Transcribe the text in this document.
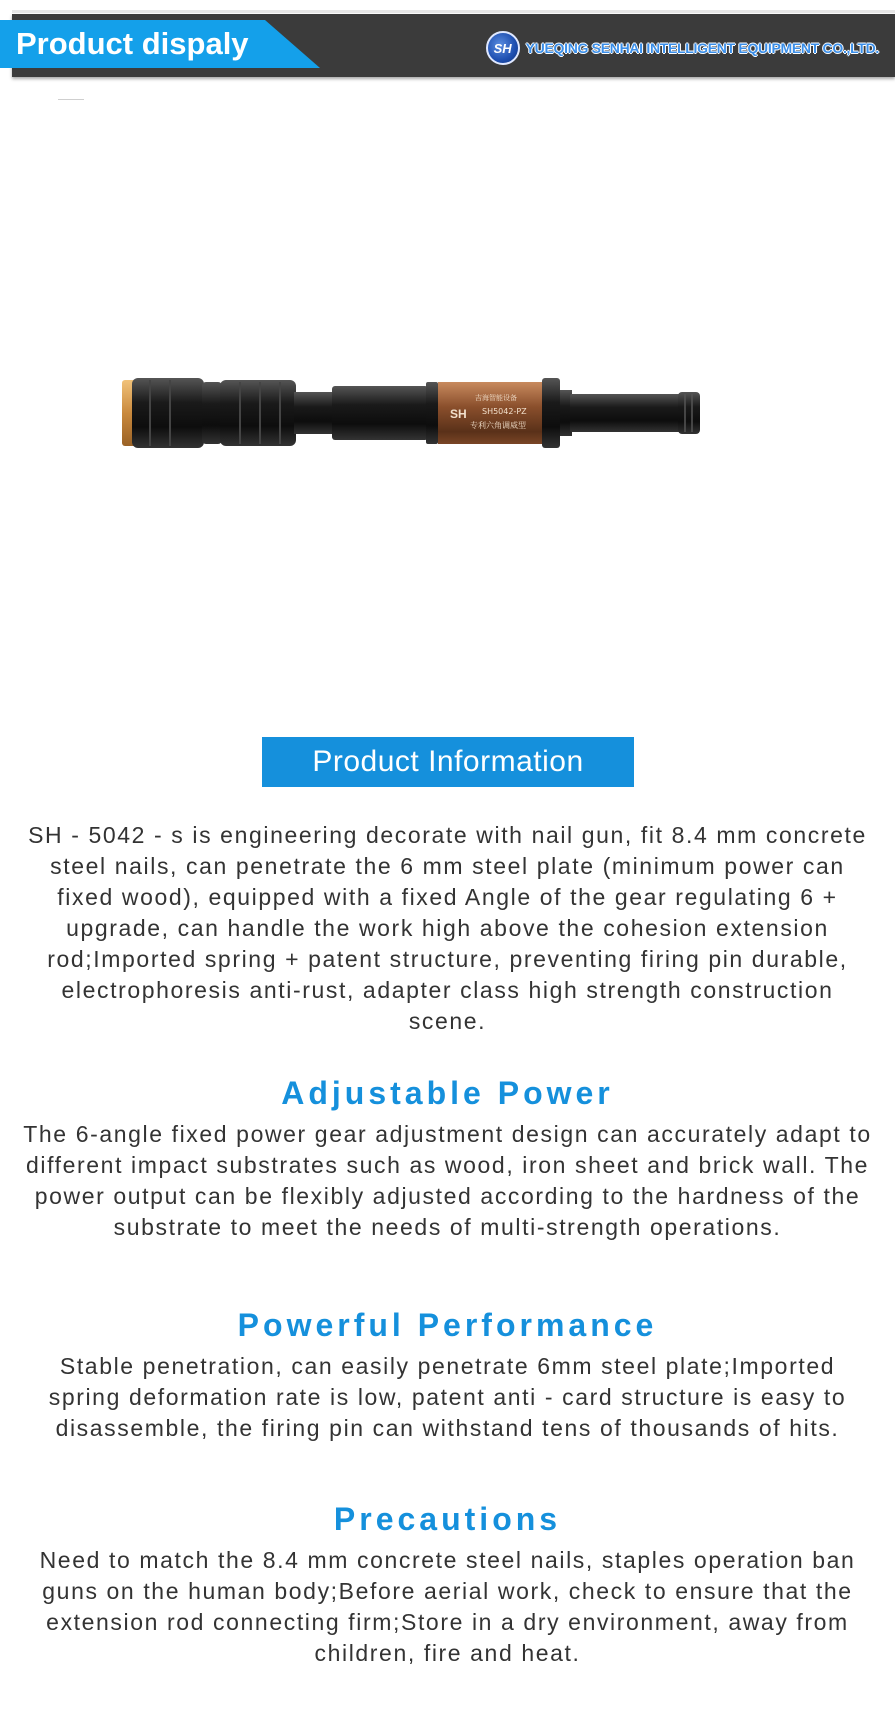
Product dispaly	SH YUEQING SENHAI INTELLIGENT EQUIPMENT CO.,LTD.
吉海智能设备
SH5042-PZ
专利六角调威型
SH
Product Information

SH - 5042 - s is engineering decorate with nail gun, fit 8.4 mm concrete steel nails, can penetrate the 6 mm steel plate (minimum power can fixed wood), equipped with a fixed Angle of the gear regulating 6 + upgrade, can handle the work high above the cohesion extension rod;Imported spring + patent structure, preventing firing pin durable, electrophoresis anti-rust, adapter class high strength construction scene.

Adjustable Power

The 6-angle fixed power gear adjustment design can accurately adapt to different impact substrates such as wood, iron sheet and brick wall. The power output can be flexibly adjusted according to the hardness of the substrate to meet the needs of multi-strength operations.

Powerful Performance

Stable penetration, can easily penetrate 6mm steel plate;Imported spring deformation rate is low, patent anti - card structure is easy to disassemble, the firing pin can withstand tens of thousands of hits.

Precautions

Need to match the 8.4 mm concrete steel nails, staples operation ban guns on the human body;Before aerial work, check to ensure that the extension rod connecting firm;Store in a dry environment, away from children, fire and heat.
